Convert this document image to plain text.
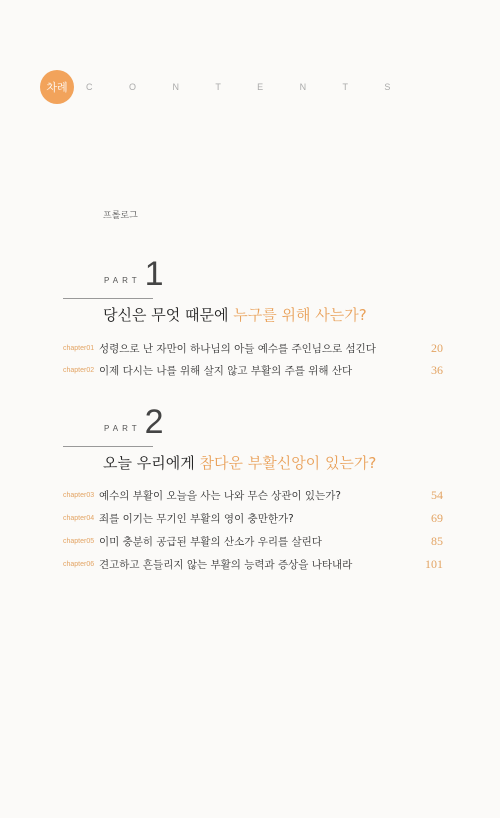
차례	C O N T E N T S
프롤로그
PART 1
당신은 무엇 때문에 누구를 위해 사는가?
chapter01 성령으로 난 자만이 하나님의 아들 예수를 주인님으로 섬긴다	20
chapter02 이제 다시는 나를 위해 살지 않고 부활의 주를 위해 산다	36
PART 2
오늘 우리에게 참다운 부활신앙이 있는가?
chapter03 예수의 부활이 오늘을 사는 나와 무슨 상관이 있는가?	54
chapter04 죄를 이기는 무기인 부활의 영이 충만한가?	69
chapter05 이미 충분히 공급된 부활의 산소가 우리를 살린다	85
chapter06 견고하고 흔들리지 않는 부활의 능력과 증상을 나타내라	101
